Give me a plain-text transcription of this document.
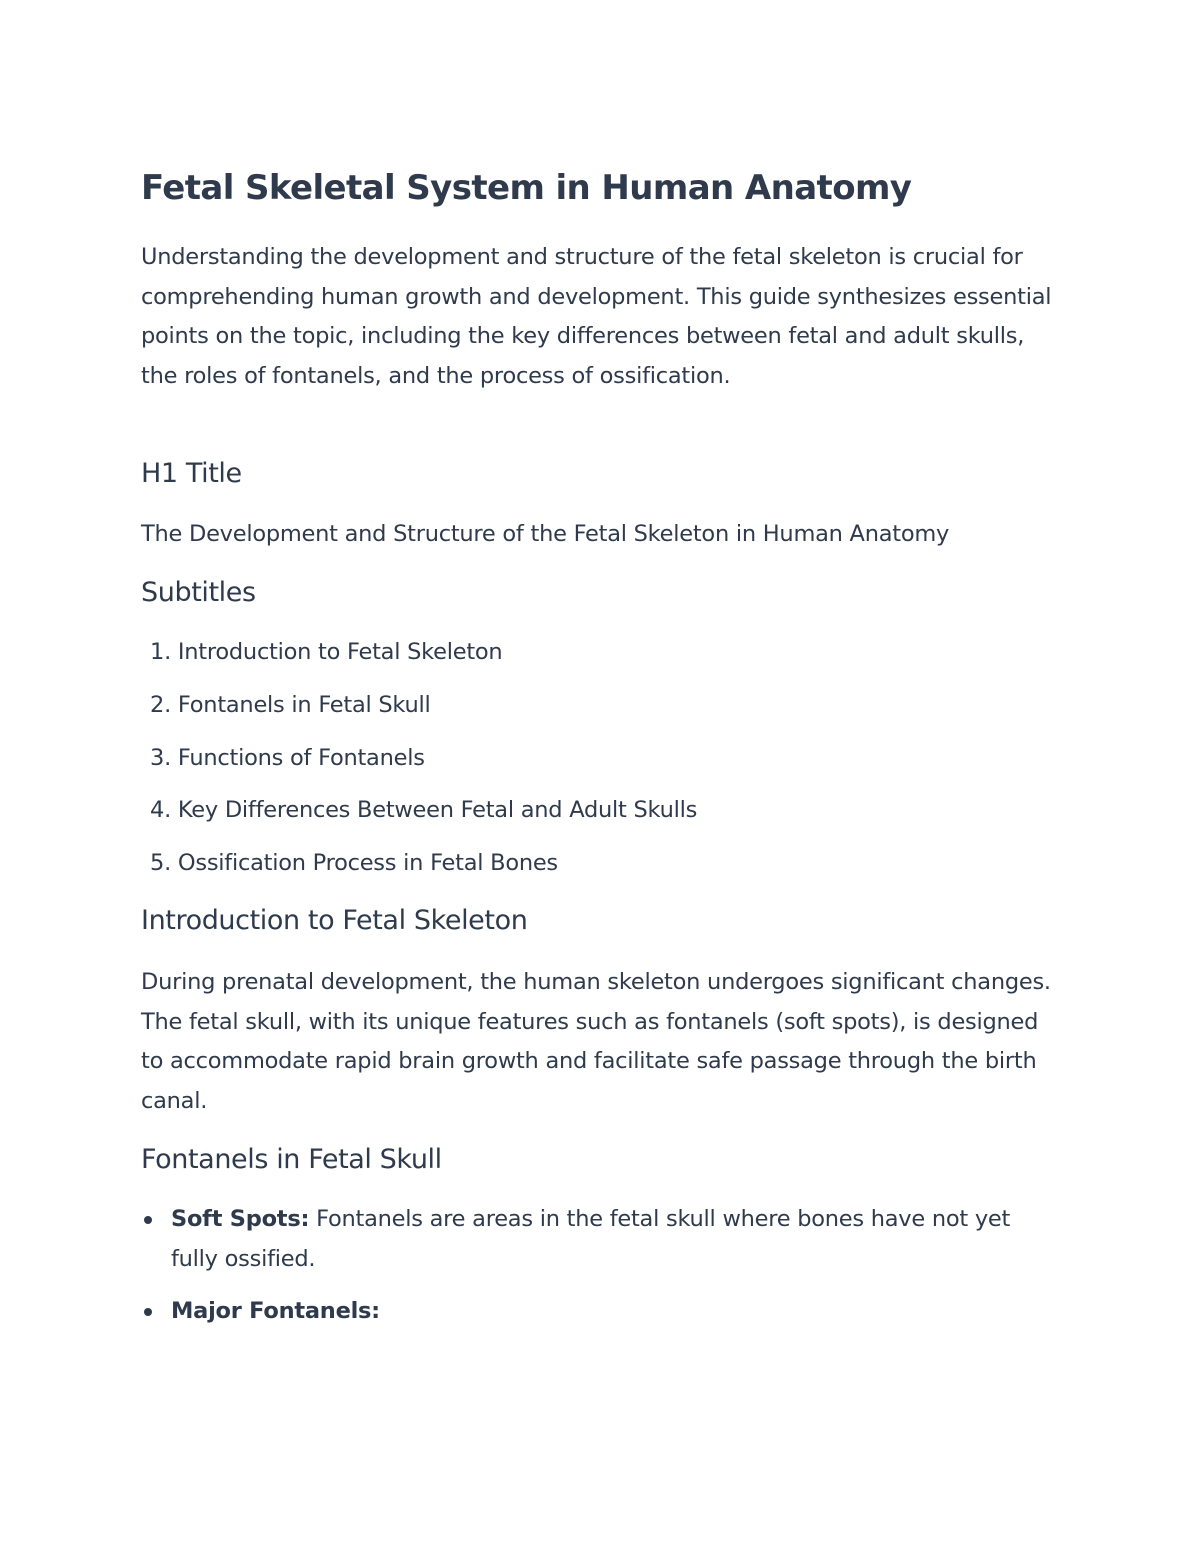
Fetal Skeletal System in Human Anatomy

Understanding the development and structure of the fetal skeleton is crucial for comprehending human growth and development. This guide synthesizes essential points on the topic, including the key differences between fetal and adult skulls, the roles of fontanels, and the process of ossification.

H1 Title

The Development and Structure of the Fetal Skeleton in Human Anatomy

Subtitles

1. Introduction to Fetal Skeleton

2. Fontanels in Fetal Skull

3. Functions of Fontanels

4. Key Differences Between Fetal and Adult Skulls

5. Ossification Process in Fetal Bones

Introduction to Fetal Skeleton

During prenatal development, the human skeleton undergoes significant changes. The fetal skull, with its unique features such as fontanels (soft spots), is designed to accommodate rapid brain growth and facilitate safe passage through the birth canal.

Fontanels in Fetal Skull
Soft Spots: Fontanels are areas in the fetal skull where bones have not yet fully ossified.
Major Fontanels:
